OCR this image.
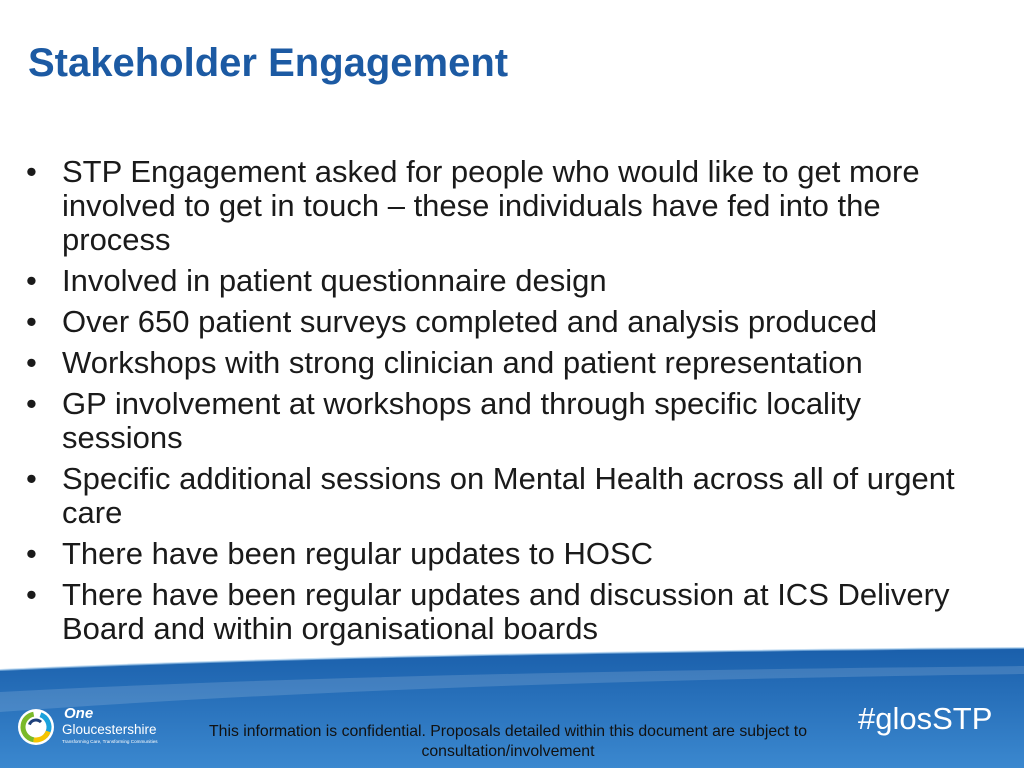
Stakeholder Engagement
•
STP Engagement asked for people who would like to get more involved to get in touch – these individuals have fed into the process
•
Involved in patient questionnaire design
•
Over 650 patient surveys completed and analysis produced
•
Workshops with strong clinician and patient representation
•
GP involvement at workshops and through specific locality sessions
•
Specific additional sessions on Mental Health across all of urgent care
•
There have been regular updates to HOSC
•
There have been regular updates and discussion at ICS Delivery Board and within organisational boards
One
Gloucestershire
Transforming Care, Transforming Communities
This information is confidential. Proposals detailed within this document are subject to consultation/involvement
#glosSTP
